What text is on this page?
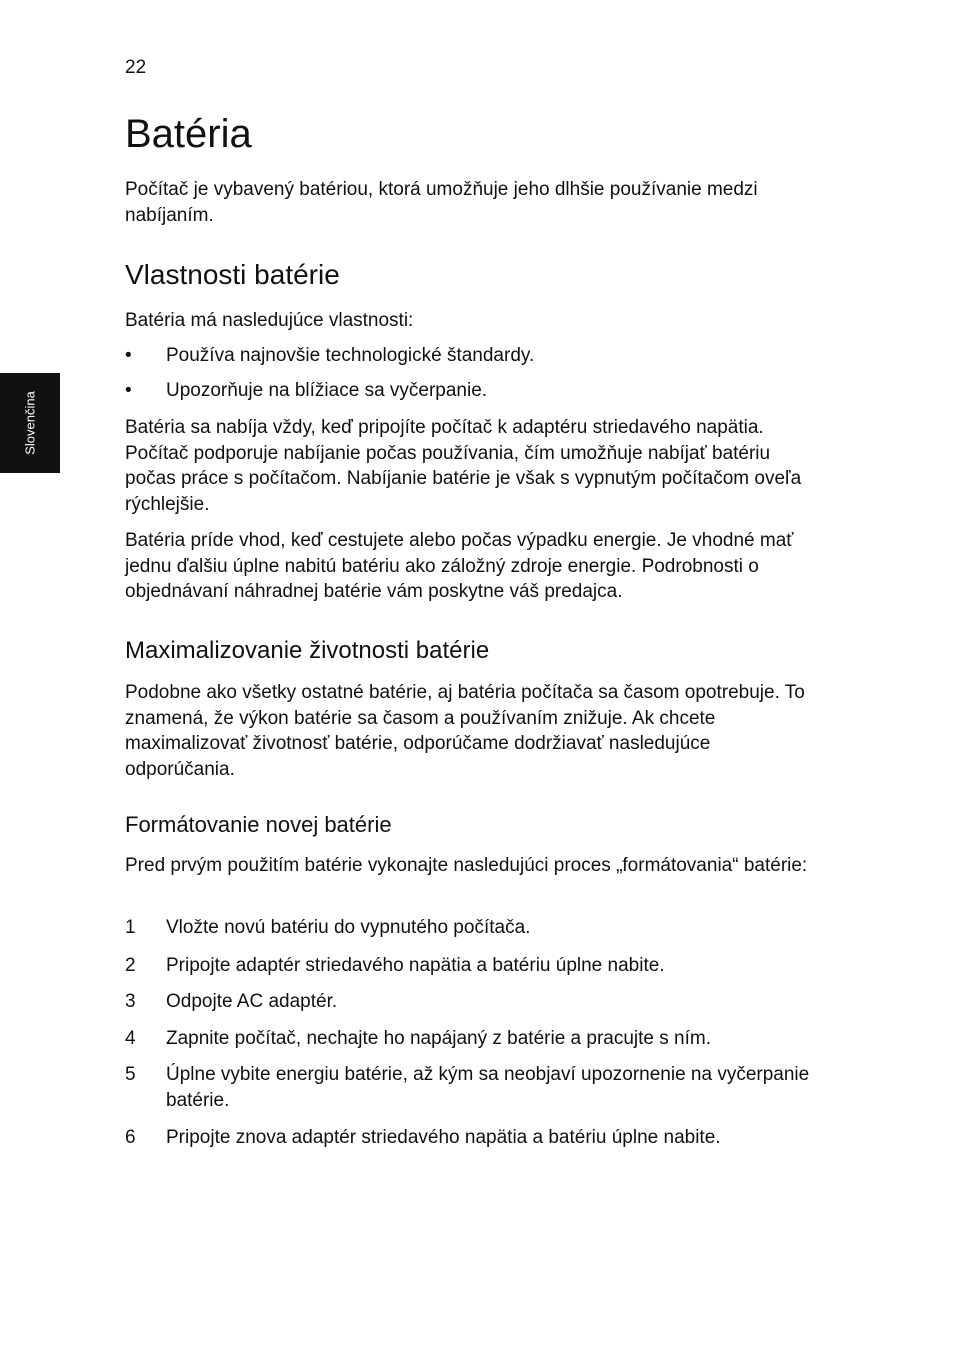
22
Slovenčina
Batéria

Počítač je vybavený batériou, ktorá umožňuje jeho dlhšie používanie medzi nabíjaním.

Vlastnosti batérie

Batéria má nasledujúce vlastnosti:

•	Používa najnovšie technologické štandardy.
•	Upozorňuje na blížiace sa vyčerpanie.

Batéria sa nabíja vždy, keď pripojíte počítač k adaptéru striedavého napätia. Počítač podporuje nabíjanie počas používania, čím umožňuje nabíjať batériu počas práce s počítačom. Nabíjanie batérie je však s vypnutým počítačom oveľa rýchlejšie.

Batéria príde vhod, keď cestujete alebo počas výpadku energie. Je vhodné mať jednu ďalšiu úplne nabitú batériu ako záložný zdroje energie. Podrobnosti o objednávaní náhradnej batérie vám poskytne váš predajca.

Maximalizovanie životnosti batérie

Podobne ako všetky ostatné batérie, aj batéria počítača sa časom opotrebuje. To znamená, že výkon batérie sa časom a používaním znižuje. Ak chcete maximalizovať životnosť batérie, odporúčame dodržiavať nasledujúce odporúčania.

Formátovanie novej batérie

Pred prvým použitím batérie vykonajte nasledujúci proces „formátovania“ batérie:

1	Vložte novú batériu do vypnutého počítača.
2	Pripojte adaptér striedavého napätia a batériu úplne nabite.
3	Odpojte AC adaptér.
4	Zapnite počítač, nechajte ho napájaný z batérie a pracujte s ním.
5	Úplne vybite energiu batérie, až kým sa neobjaví upozornenie na vyčerpanie batérie.
6	Pripojte znova adaptér striedavého napätia a batériu úplne nabite.
